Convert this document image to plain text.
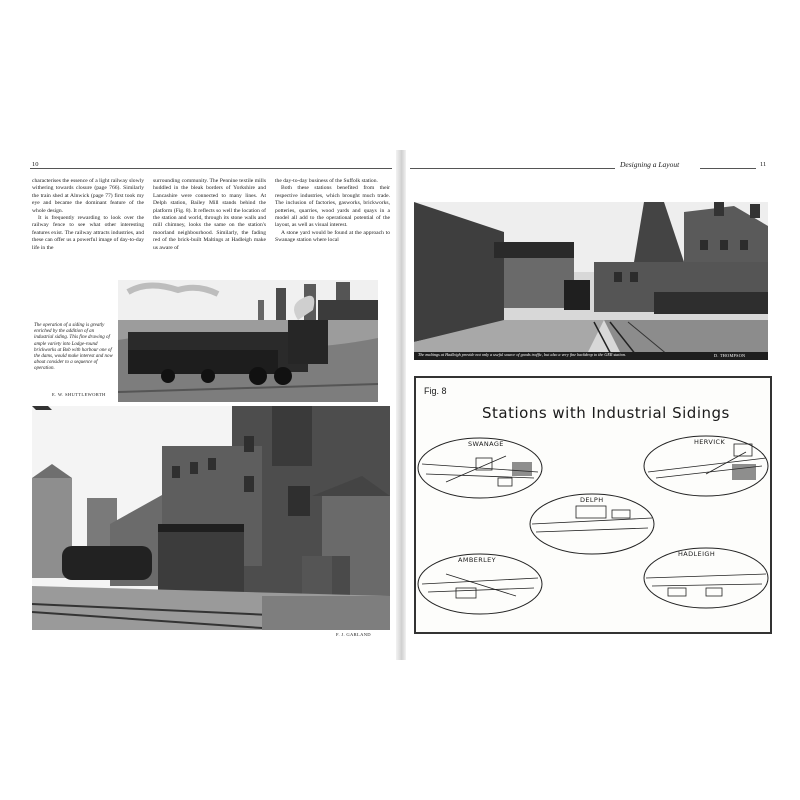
10

characterises the essence of a light railway slowly withering towards closure (page 766). Similarly the train shed at Alnwick (page 77) first took my eye and became the dominant feature of the whole design.

It is frequently rewarding to look over the railway fence to see what other interesting features exist. The railway attracts industries, and these can offer us a powerful image of day-to-day life in the

surrounding community. The Pennine textile mills huddled in the bleak borders of Yorkshire and Lancashire were connected to many lines. At Delph station, Bailey Mill stands behind the platform (Fig. 8). It reflects so well the location of the station and world, through its stone walls and mill chimney, looks the same on the station's moorland neighbourhood. Similarly, the fading red of the brick-built Maltings at Hadleigh make us aware of

the day-to-day business of the Suffolk station.

Both these stations benefited from their respective industries, which brought much trade. The inclusion of factories, gasworks, brickworks, potteries, quarries, wood yards and quays in a model all add to the operational potential of the layout, as well as visual interest.

A stone yard would be found at the approach to Swanage station where local

The operation of a siding is greatly enriched by the addition of an industrial siding. This fine drawing of ample variety into Lodge-round brickworks at Bob with harbour one of the dams, would make interest and now about consider to a sequence of operation.
E. W. SHUTTLEWORTH
F. J. GARLAND
Designing a Layout	11
The maltings at Hadleigh provide not only a useful source of goods traffic, but also a very fine backdrop to the GER station.	D. THOMPSON
Fig. 8
Stations with Industrial Sidings
SWANAGE	HERVICK
DELPH
AMBERLEY
HADLEIGH
